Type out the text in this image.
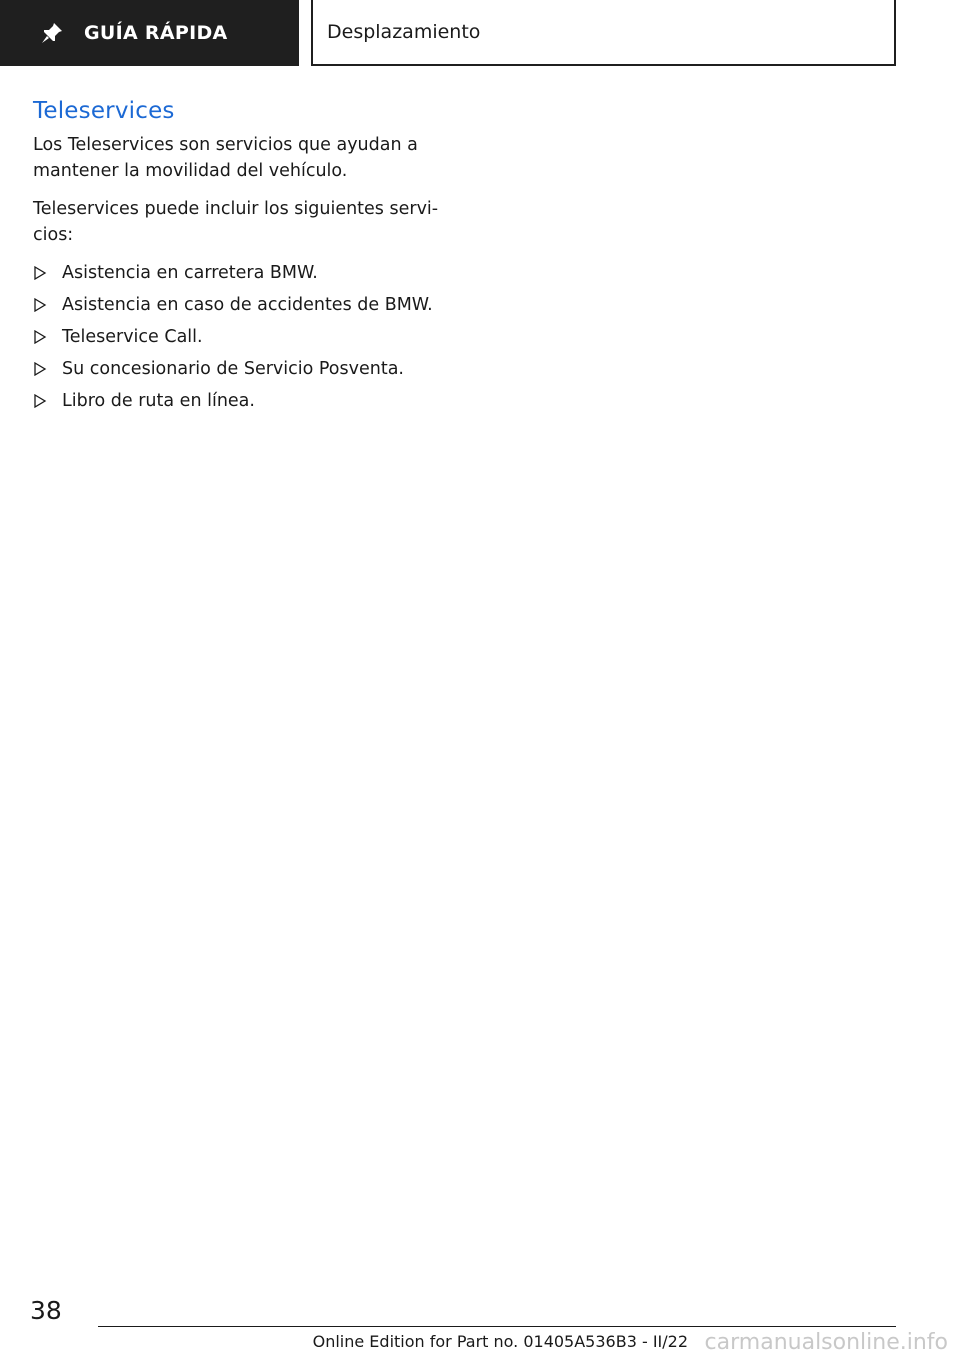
GUÍA RÁPIDA	Desplazamiento
Teleservices

Los Teleservices son servicios que ayudan a mantener la movilidad del vehículo.

Teleservices puede incluir los siguientes servi‐ cios:

Asistencia en carretera BMW.
Asistencia en caso de accidentes de BMW.
Teleservice Call.
Su concesionario de Servicio Posventa.
Libro de ruta en línea.
38
Online Edition for Part no. 01405A536B3 - II/22 carmanualsonline.info
